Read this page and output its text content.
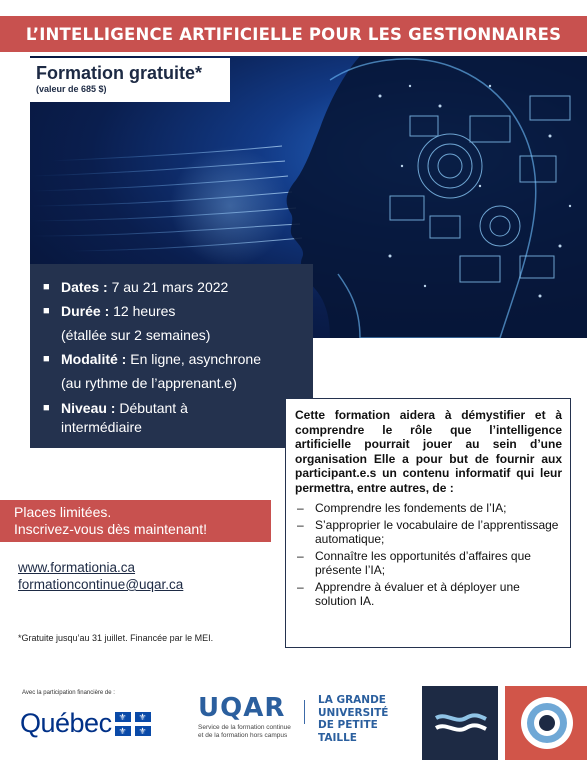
L’INTELLIGENCE ARTIFICIELLE POUR LES GESTIONNAIRES
Formation gratuite*
(valeur de 685 $)
■ Dates : 7 au 21 mars 2022
■ Durée : 12 heures
(étallée sur 2 semaines)
■ Modalité : En ligne, asynchrone
(au rythme de l’apprenant.e)
■ Niveau : Débutant à
intermédiaire

Cette formation aidera à démystifier et à comprendre le rôle que l’intelligence artificielle pourrait jouer au sein d’une organisation Elle a pour but de fournir aux participant.e.s un contenu informatif qui leur permettra, entre autres, de :

– Comprendre les fondements de l’IA;
– S’approprier le vocabulaire de l’apprentissage automatique;
– Connaître les opportunités d’affaires que présente l’IA;
– Apprendre à évaluer et à déployer une solution IA.
Places limitées.
Inscrivez-vous dès maintenant!
www.formationia.ca
formationcontinue@uqar.ca
*Gratuite jusqu’au 31 juillet. Financée par le MEI.
Avec la participation financière de :
Québec ⚜ ⚜
⚜ ⚜
UQAR
Service de la formation continue
et de la formation hors campus
LA GRANDE
UNIVERSITÉ
DE PETITE
TAILLE
